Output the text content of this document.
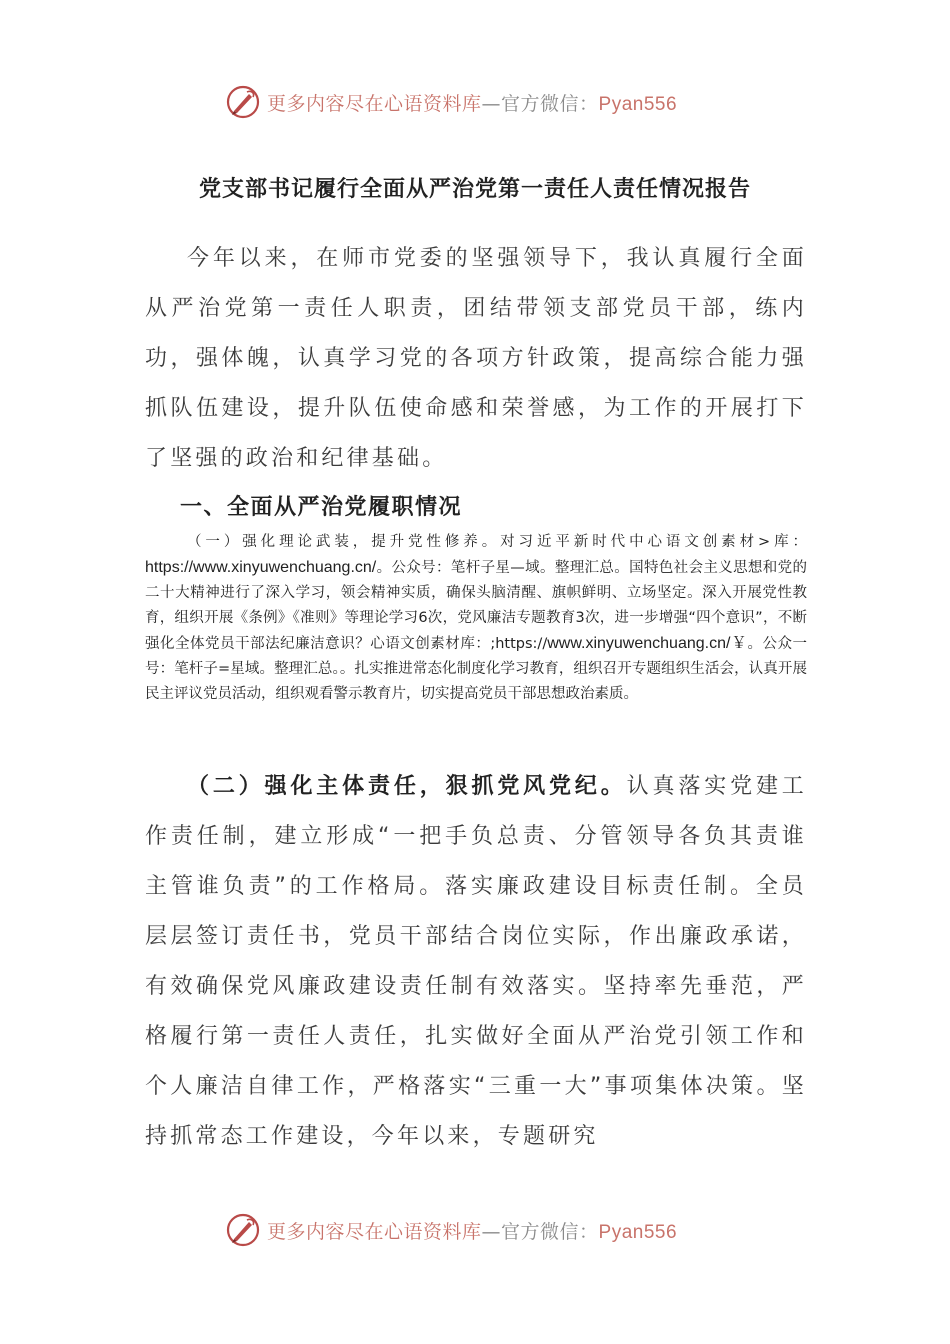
更多内容尽在心语资料库—官方微信：Pyan556
党支部书记履行全面从严治党第一责任人责任情况报告
今年以来，在师市党委的坚强领导下，我认真履行全面从严治党第一责任人职责，团结带领支部党员干部，练内功，强体魄，认真学习党的各项方针政策，提高综合能力强抓队伍建设，提升队伍使命感和荣誉感，为工作的开展打下了坚强的政治和纪律基础。
一、全面从严治党履职情况
（一）强化理论武装，提升党性修养。对习近平新时代中心语文创素材>库：https://www.xinyuwenchuang.cn/。公众号：笔杆子星—域。整理汇总。国特色社会主义思想和党的二十大精神进行了深入学习，领会精神实质，确保头脑清醒、旗帜鲜明、立场坚定。深入开展党性教育，组织开展《条例》《准则》等理论学习6次，党风廉洁专题教育3次，进一步增强“四个意识”，不断强化全体党员干部法纪廉洁意识？心语文创素材库：;https://www.xinyuwenchuang.cn/￥。公众一号：笔杆子=星域。整理汇总。。扎实推进常态化制度化学习教育，组织召开专题组织生活会，认真开展民主评议党员活动，组织观看警示教育片，切实提高党员干部思想政治素质。
（二）强化主体责任，狠抓党风党纪。认真落实党建工作责任制，建立形成“一把手负总责、分管领导各负其责谁主管谁负责”的工作格局。落实廉政建设目标责任制。全员层层签订责任书，党员干部结合岗位实际，作出廉政承诺，有效确保党风廉政建设责任制有效落实。坚持率先垂范，严格履行第一责任人责任，扎实做好全面从严治党引领工作和个人廉洁自律工作，严格落实“三重一大”事项集体决策。坚持抓常态工作建设，今年以来，专题研究
更多内容尽在心语资料库—官方微信：Pyan556
